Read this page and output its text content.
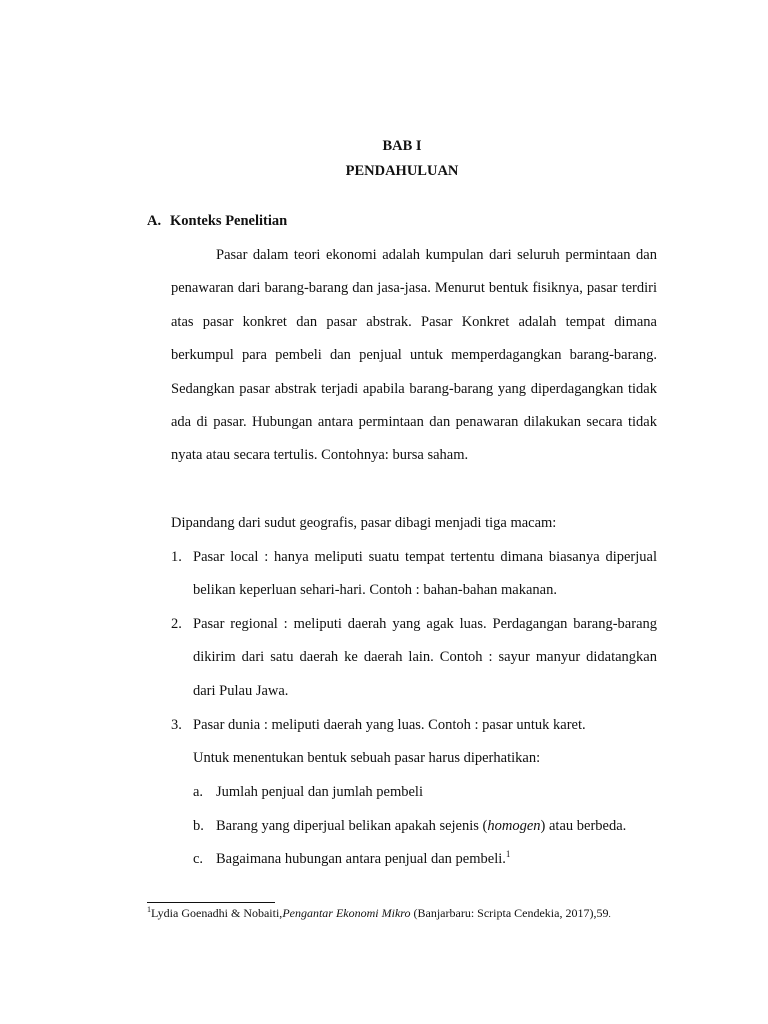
BAB I
PENDAHULUAN
A. Konteks Penelitian
Pasar dalam teori ekonomi adalah kumpulan dari seluruh permintaan dan penawaran dari barang-barang dan jasa-jasa. Menurut bentuk fisiknya, pasar terdiri atas pasar konkret dan pasar abstrak. Pasar Konkret adalah tempat dimana berkumpul para pembeli dan penjual untuk memperdagangkan barang-barang. Sedangkan pasar abstrak terjadi apabila barang-barang yang diperdagangkan tidak ada di pasar. Hubungan antara permintaan dan penawaran dilakukan secara tidak nyata atau secara tertulis. Contohnya: bursa saham.
Dipandang dari sudut geografis, pasar dibagi menjadi tiga macam:
1. Pasar local : hanya meliputi suatu tempat tertentu dimana biasanya diperjual belikan keperluan sehari-hari. Contoh : bahan-bahan makanan.
2. Pasar regional : meliputi daerah yang agak luas. Perdagangan barang-barang dikirim dari satu daerah ke daerah lain. Contoh : sayur manyur didatangkan dari Pulau Jawa.
3. Pasar dunia : meliputi daerah yang luas. Contoh : pasar untuk karet.
Untuk menentukan bentuk sebuah pasar harus diperhatikan:
a. Jumlah penjual dan jumlah pembeli
b. Barang yang diperjual belikan apakah sejenis (homogen) atau berbeda.
c. Bagaimana hubungan antara penjual dan pembeli.$^1$
$^1$Lydia Goenadhi & Nobaiti,Pengantar Ekonomi Mikro (Banjarbaru: Scripta Cendekia, 2017),59.
